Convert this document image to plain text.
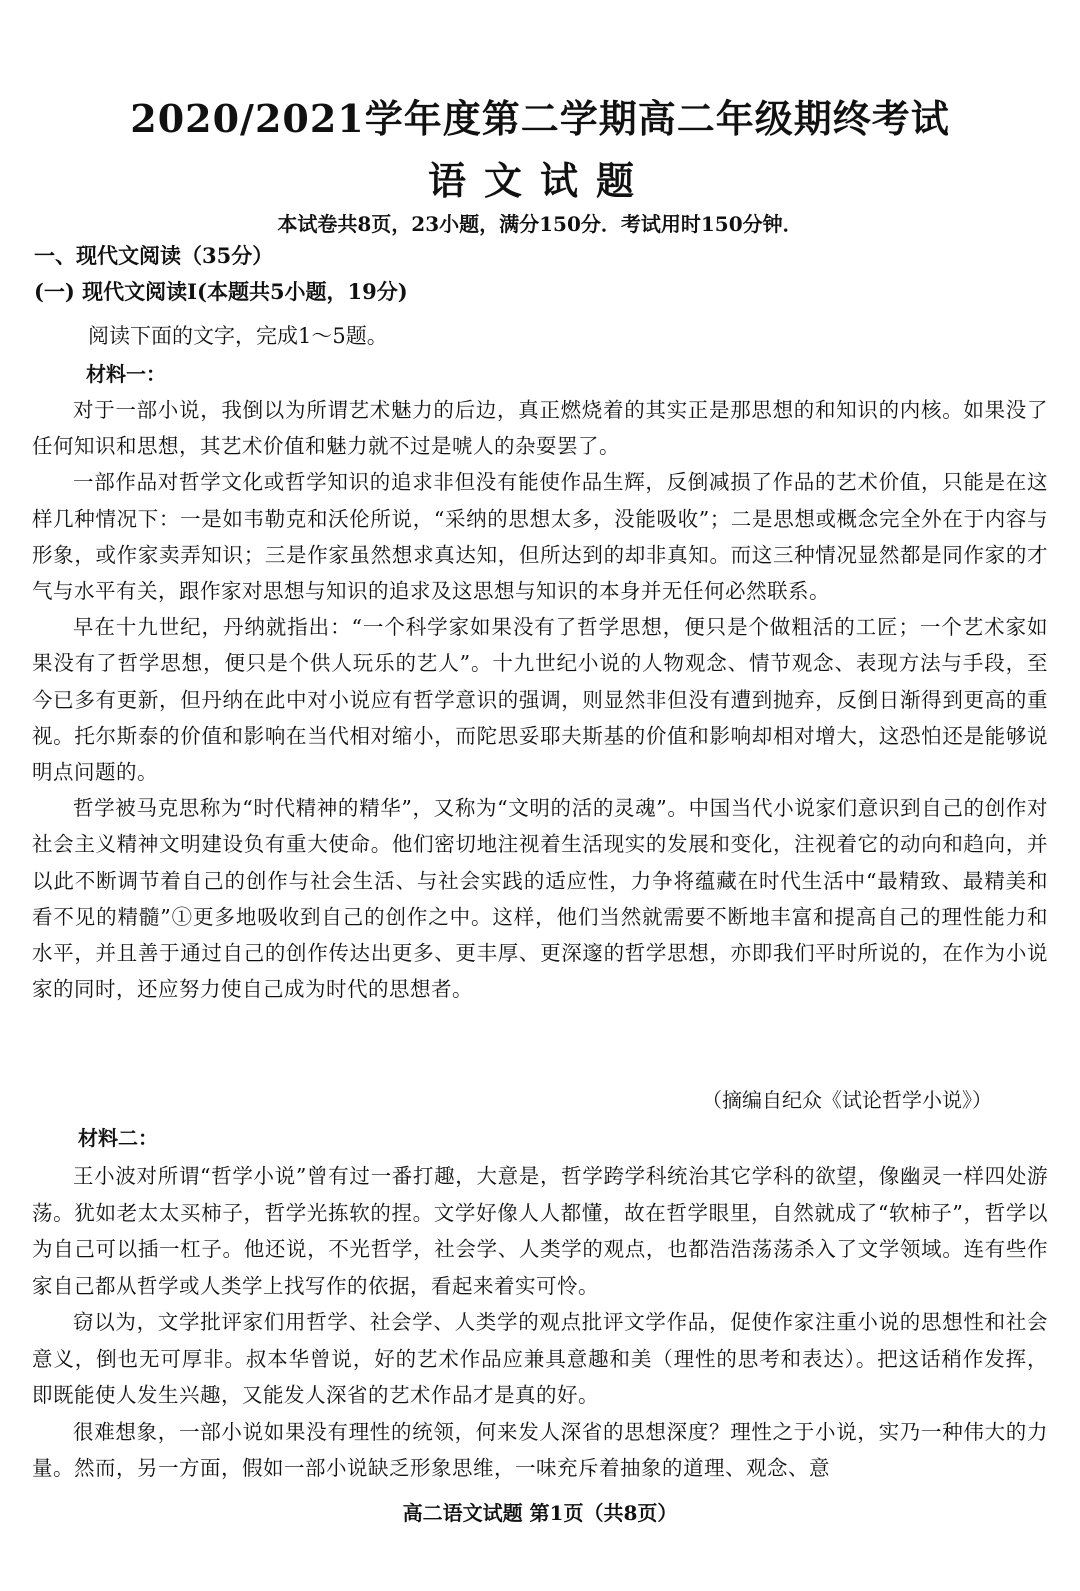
2020/2021学年度第二学期高二年级期终考试
语文试题
本试卷共8页，23小题，满分150分．考试用时150分钟．
一、现代文阅读（35分）
(一) 现代文阅读I(本题共5小题，19分)
阅读下面的文字，完成1～5题。
材料一：

对于一部小说，我倒以为所谓艺术魅力的后边，真正燃烧着的其实正是那思想的和知识的内核。如果没了任何知识和思想，其艺术价值和魅力就不过是唬人的杂耍罢了。

一部作品对哲学文化或哲学知识的追求非但没有能使作品生辉，反倒减损了作品的艺术价值，只能是在这样几种情况下：一是如韦勒克和沃伦所说，“采纳的思想太多，没能吸收”；二是思想或概念完全外在于内容与形象，或作家卖弄知识；三是作家虽然想求真达知，但所达到的却非真知。而这三种情况显然都是同作家的才气与水平有关，跟作家对思想与知识的追求及这思想与知识的本身并无任何必然联系。

早在十九世纪，丹纳就指出：“一个科学家如果没有了哲学思想，便只是个做粗活的工匠；一个艺术家如果没有了哲学思想，便只是个供人玩乐的艺人”。十九世纪小说的人物观念、情节观念、表现方法与手段，至今已多有更新，但丹纳在此中对小说应有哲学意识的强调，则显然非但没有遭到抛弃，反倒日渐得到更高的重视。托尔斯泰的价值和影响在当代相对缩小，而陀思妥耶夫斯基的价值和影响却相对增大，这恐怕还是能够说明点问题的。

哲学被马克思称为“时代精神的精华”，又称为“文明的活的灵魂”。中国当代小说家们意识到自己的创作对社会主义精神文明建设负有重大使命。他们密切地注视着生活现实的发展和变化，注视着它的动向和趋向，并以此不断调节着自己的创作与社会生活、与社会实践的适应性，力争将蕴藏在时代生活中“最精致、最精美和看不见的精髓”①更多地吸收到自己的创作之中。这样，他们当然就需要不断地丰富和提高自己的理性能力和水平，并且善于通过自己的创作传达出更多、更丰厚、更深邃的哲学思想，亦即我们平时所说的，在作为小说家的同时，还应努力使自己成为时代的思想者。

（摘编自纪众《试论哲学小说》）
材料二：

王小波对所谓“哲学小说”曾有过一番打趣，大意是，哲学跨学科统治其它学科的欲望，像幽灵一样四处游荡。犹如老太太买柿子，哲学光拣软的捏。文学好像人人都懂，故在哲学眼里，自然就成了“软柿子”，哲学以为自己可以插一杠子。他还说，不光哲学，社会学、人类学的观点，也都浩浩荡荡杀入了文学领域。连有些作家自己都从哲学或人类学上找写作的依据，看起来着实可怜。

窃以为，文学批评家们用哲学、社会学、人类学的观点批评文学作品，促使作家注重小说的思想性和社会意义，倒也无可厚非。叔本华曾说，好的艺术作品应兼具意趣和美（理性的思考和表达）。把这话稍作发挥，即既能使人发生兴趣，又能发人深省的艺术作品才是真的好。

很难想象，一部小说如果没有理性的统领，何来发人深省的思想深度？理性之于小说，实乃一种伟大的力量。然而，另一方面，假如一部小说缺乏形象思维，一味充斥着抽象的道理、观念、意

高二语文试题 第1页（共8页）
